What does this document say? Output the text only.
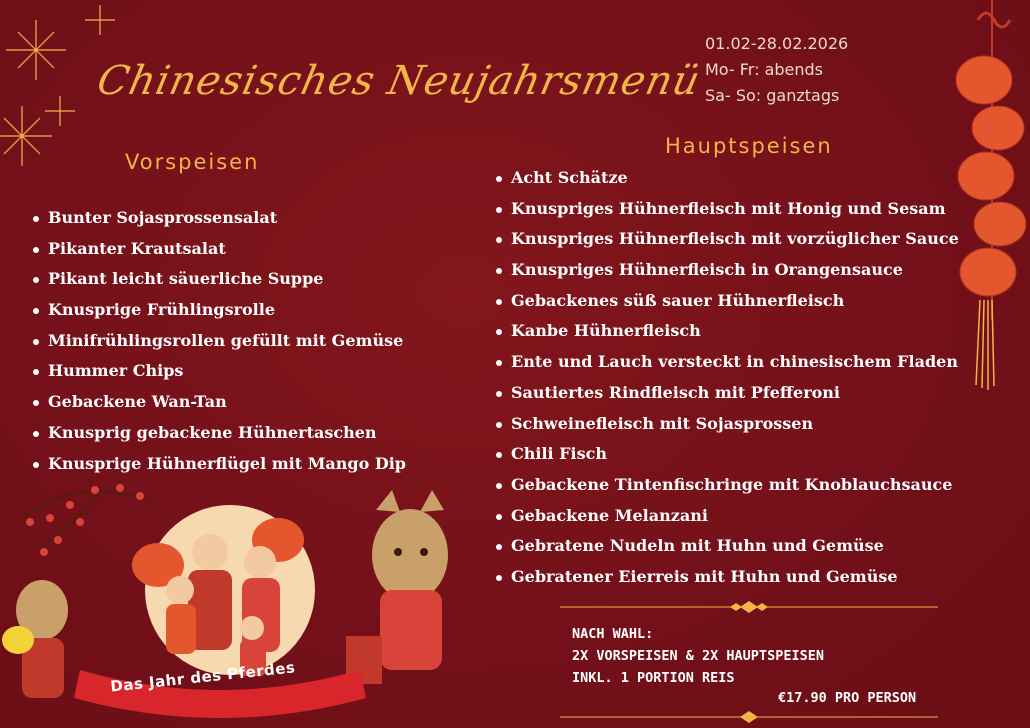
Chinesisches Neujahrsmenü
01.02-28.02.2026
Mo- Fr: abends
Sa- So: ganztags
Vorspeisen
Hauptspeisen
Bunter Sojasprossensalat
Pikanter Krautsalat
Pikant leicht säuerliche Suppe
Knusprige Frühlingsrolle
Minifrühlingsrollen gefüllt mit Gemüse
Hummer Chips
Gebackene Wan-Tan
Knusprig gebackene Hühnertaschen
Knusprige Hühnerflügel mit Mango Dip
Acht Schätze
Knuspriges Hühnerfleisch mit Honig und Sesam
Knuspriges Hühnerfleisch mit vorzüglicher Sauce
Knuspriges Hühnerfleisch in Orangensauce
Gebackenes süß sauer Hühnerfleisch
Kanbe Hühnerfleisch
Ente und Lauch versteckt in chinesischem Fladen
Sautiertes Rindfleisch mit Pfefferoni
Schweinefleisch mit Sojasprossen
Chili Fisch
Gebackene Tintenfischringe mit Knoblauchsauce
Gebackene Melanzani
Gebratene Nudeln mit Huhn und Gemüse
Gebratener Eierreis mit Huhn und Gemüse
NACH WAHL:
2X VORSPEISEN & 2X HAUPTSPEISEN
INKL. 1 PORTION REIS
€17.90 PRO PERSON
Das Jahr des Pferdes
